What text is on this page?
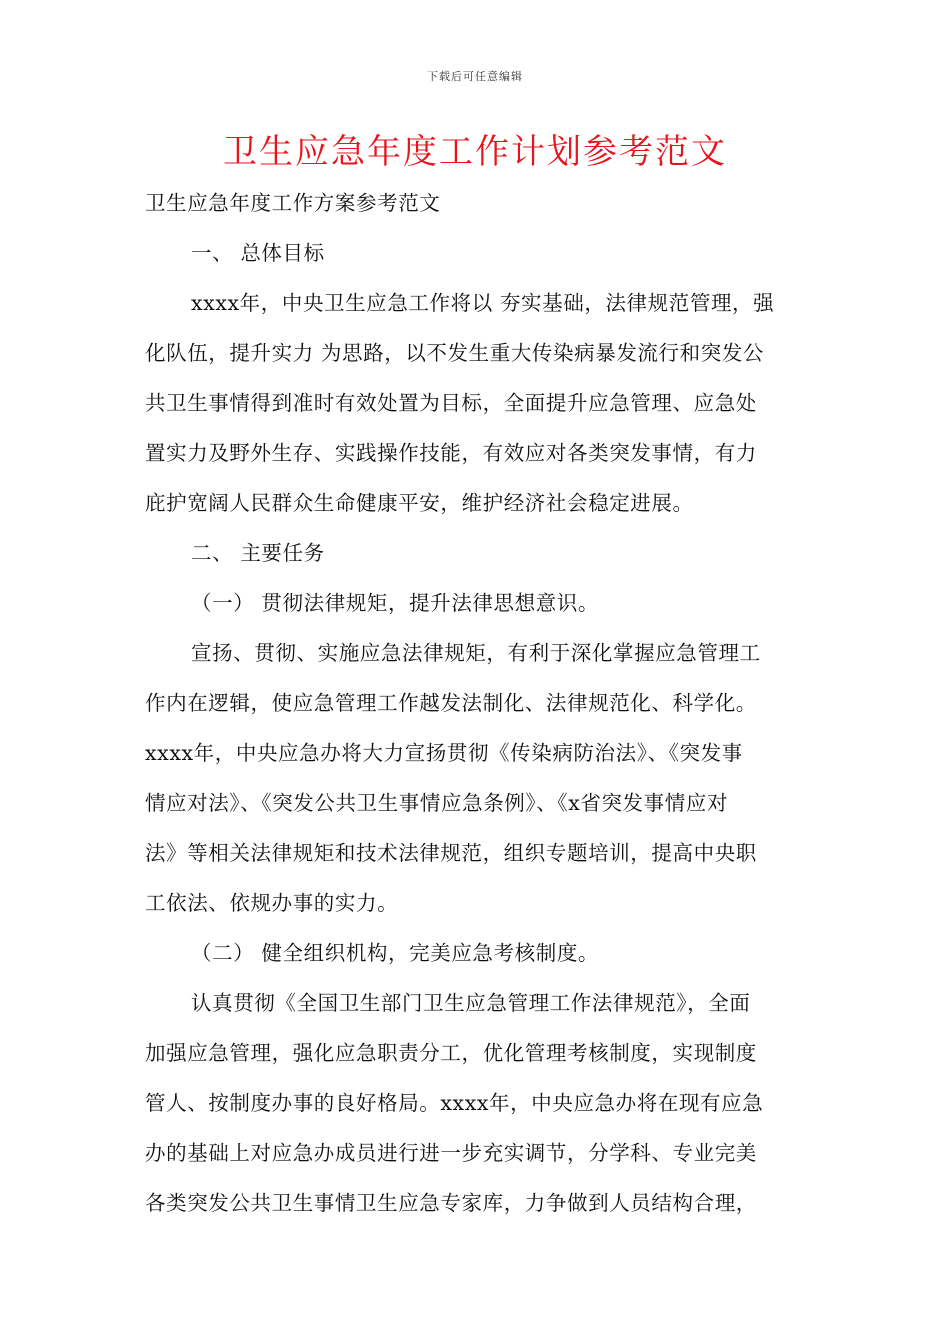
下载后可任意编辑
卫生应急年度工作计划参考范文

卫生应急年度工作方案参考范文

一、 总体目标

xxxx年，中央卫生应急工作将以 夯实基础，法律规范管理，强

化队伍，提升实力 为思路，以不发生重大传染病暴发流行和突发公

共卫生事情得到准时有效处置为目标，全面提升应急管理、应急处

置实力及野外生存、实践操作技能，有效应对各类突发事情，有力

庇护宽阔人民群众生命健康平安，维护经济社会稳定进展。

二、 主要任务

（一） 贯彻法律规矩，提升法律思想意识。

宣扬、贯彻、实施应急法律规矩，有利于深化掌握应急管理工

作内在逻辑，使应急管理工作越发法制化、法律规范化、科学化。

xxxx年，中央应急办将大力宣扬贯彻《传染病防治法》、《突发事

情应对法》、《突发公共卫生事情应急条例》、《x省突发事情应对

法》等相关法律规矩和技术法律规范，组织专题培训，提高中央职

工依法、依规办事的实力。

（二） 健全组织机构，完美应急考核制度。

认真贯彻《全国卫生部门卫生应急管理工作法律规范》，全面

加强应急管理，强化应急职责分工，优化管理考核制度，实现制度

管人、按制度办事的良好格局。xxxx年，中央应急办将在现有应急

办的基础上对应急办成员进行进一步充实调节，分学科、专业完美

各类突发公共卫生事情卫生应急专家库，力争做到人员结构合理，
